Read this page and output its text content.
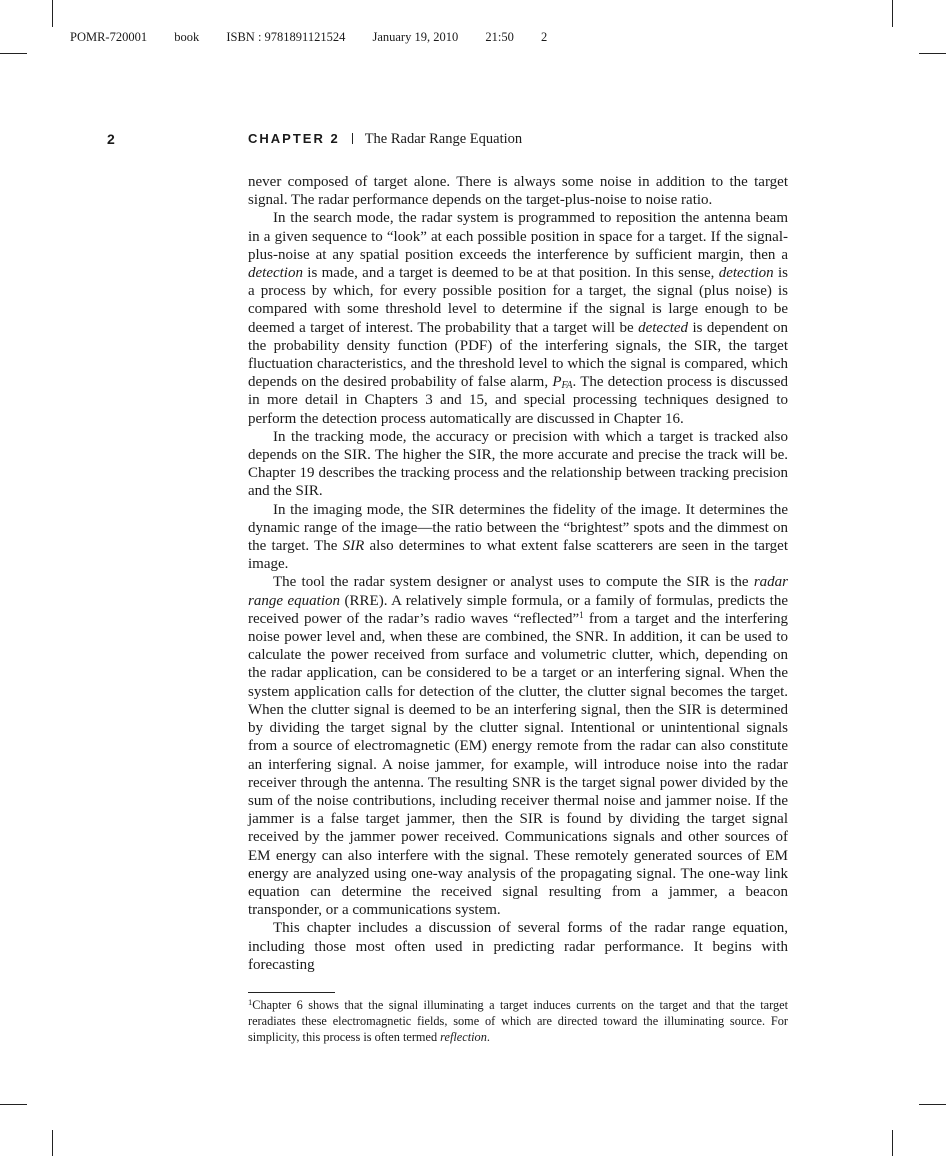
POMR-720001 book ISBN : 9781891121524 January 19, 2010 21:50 2
2	CHAPTER 2 The Radar Range Equation

never composed of target alone. There is always some noise in addition to the target signal. The radar performance depends on the target-plus-noise to noise ratio.

In the search mode, the radar system is programmed to reposition the antenna beam in a given sequence to “look” at each possible position in space for a target. If the signal-plus-noise at any spatial position exceeds the interference by sufficient margin, then a detection is made, and a target is deemed to be at that position. In this sense, detection is a process by which, for every possible position for a target, the signal (plus noise) is compared with some threshold level to determine if the signal is large enough to be deemed a target of interest. The probability that a target will be detected is dependent on the probability density function (PDF) of the interfering signals, the SIR, the target fluctuation characteristics, and the threshold level to which the signal is compared, which depends on the desired probability of false alarm, $P_{FA}$. The detection process is discussed in more detail in Chapters 3 and 15, and special processing techniques designed to perform the detection process automatically are discussed in Chapter 16.

In the tracking mode, the accuracy or precision with which a target is tracked also depends on the SIR. The higher the SIR, the more accurate and precise the track will be. Chapter 19 describes the tracking process and the relationship between tracking precision and the SIR.

In the imaging mode, the SIR determines the fidelity of the image. It determines the dynamic range of the image—the ratio between the “brightest” spots and the dimmest on the target. The SIR also determines to what extent false scatterers are seen in the target image.

The tool the radar system designer or analyst uses to compute the SIR is the radar range equation (RRE). A relatively simple formula, or a family of formulas, predicts the received power of the radar’s radio waves “reflected”$^1$ from a target and the interfering noise power level and, when these are combined, the SNR. In addition, it can be used to calculate the power received from surface and volumetric clutter, which, depending on the radar application, can be considered to be a target or an interfering signal. When the system application calls for detection of the clutter, the clutter signal becomes the target. When the clutter signal is deemed to be an interfering signal, then the SIR is determined by dividing the target signal by the clutter signal. Intentional or unintentional signals from a source of electromagnetic (EM) energy remote from the radar can also constitute an interfering signal. A noise jammer, for example, will introduce noise into the radar receiver through the antenna. The resulting SNR is the target signal power divided by the sum of the noise contributions, including receiver thermal noise and jammer noise. If the jammer is a false target jammer, then the SIR is found by dividing the target signal received by the jammer power received. Communications signals and other sources of EM energy can also interfere with the signal. These remotely generated sources of EM energy are analyzed using one-way analysis of the propagating signal. The one-way link equation can determine the received signal resulting from a jammer, a beacon transponder, or a communications system.

This chapter includes a discussion of several forms of the radar range equation, including those most often used in predicting radar performance. It begins with forecasting

$^1$Chapter 6 shows that the signal illuminating a target induces currents on the target and that the target reradiates these electromagnetic fields, some of which are directed toward the illuminating source. For simplicity, this process is often termed reflection.
